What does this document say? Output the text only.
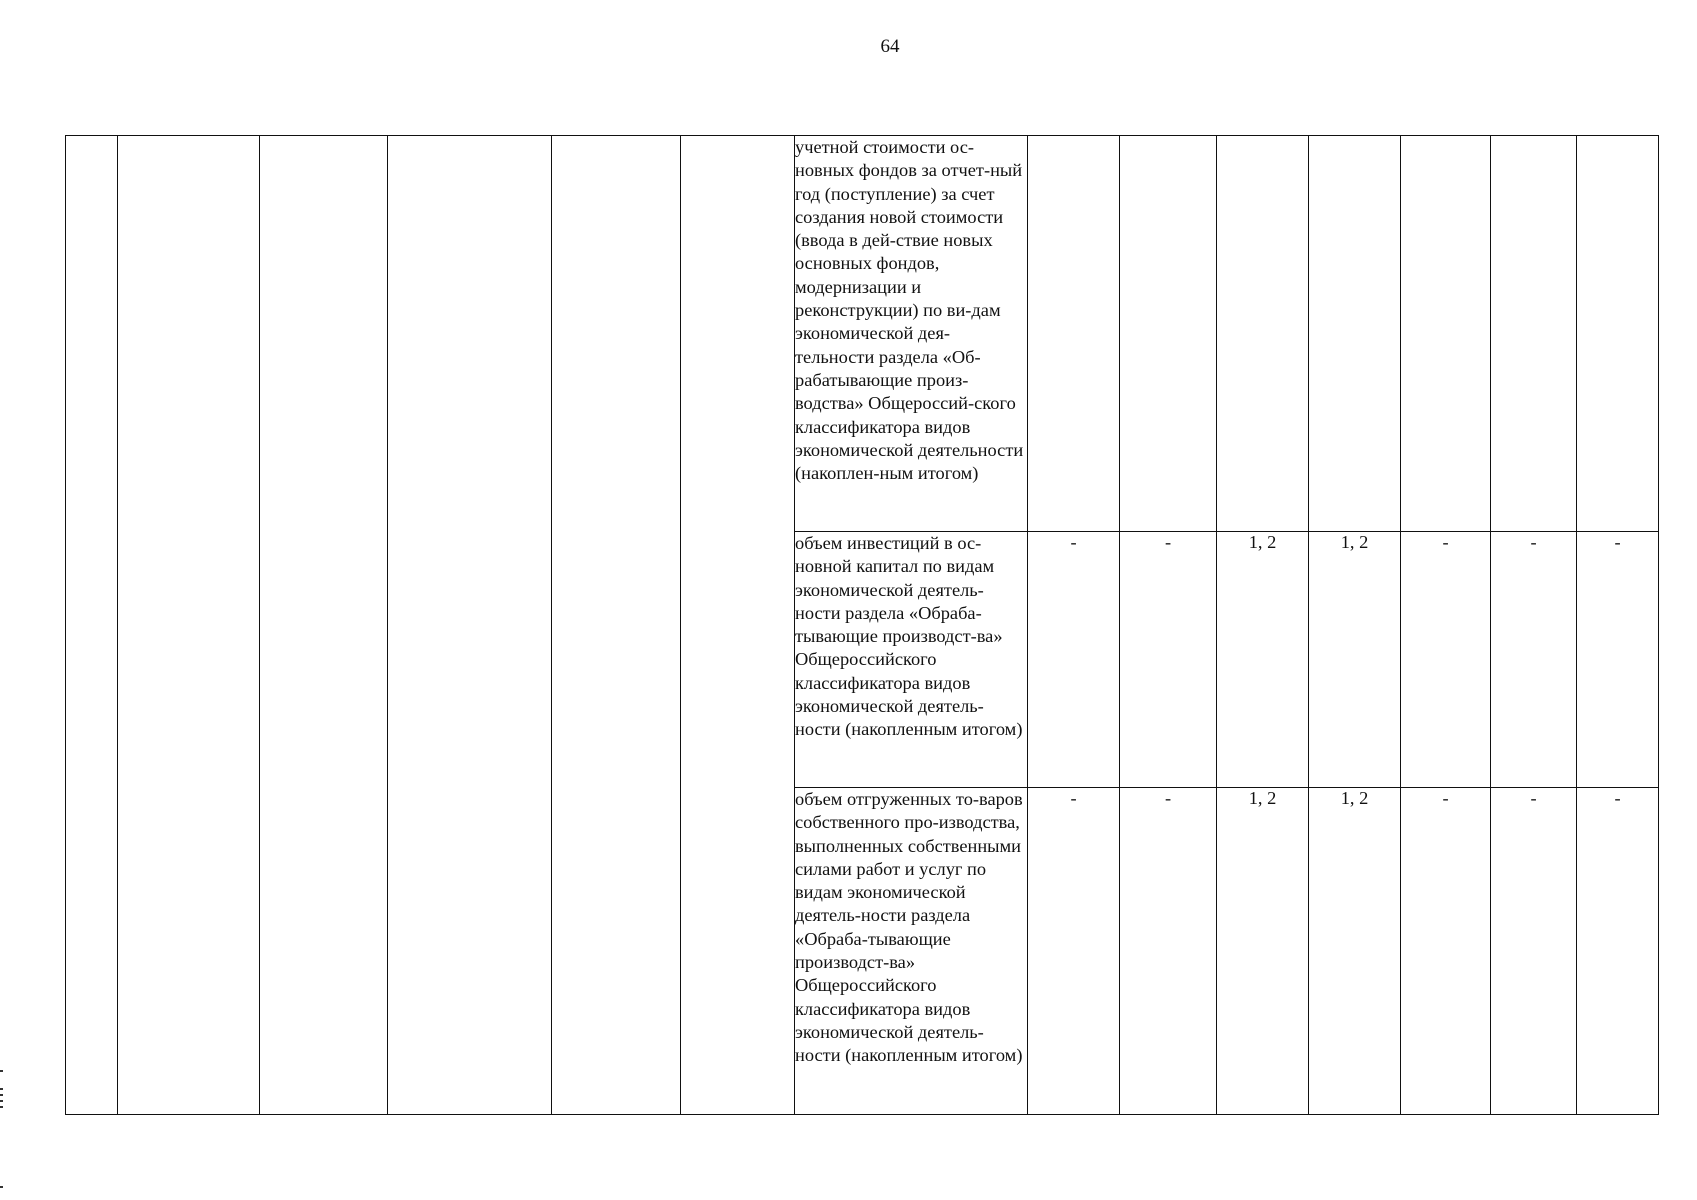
64
						учетной стоимости ос-новных фондов за отчет-ный год (поступление) за счет создания новой стоимости (ввода в дей-ствие новых основных фондов, модернизации и реконструкции) по ви-дам экономической дея-тельности раздела «Об-рабатывающие произ-водства» Общероссий-ского классификатора видов экономической деятельности (накоплен-ным итогом)							
						объем инвестиций в ос-новной капитал по видам экономической деятель-ности раздела «Обраба-тывающие производст-ва» Общероссийского классификатора видов экономической деятель-ности (накопленным итогом)	-	-	1, 2	1, 2	-	-	-
						объем отгруженных то-варов собственного про-изводства, выполненных собственными силами работ и услуг по видам экономической деятель-ности раздела «Обраба-тывающие производст-ва» Общероссийского классификатора видов экономической деятель-ности (накопленным итогом)	-	-	1, 2	1, 2	-	-	-
